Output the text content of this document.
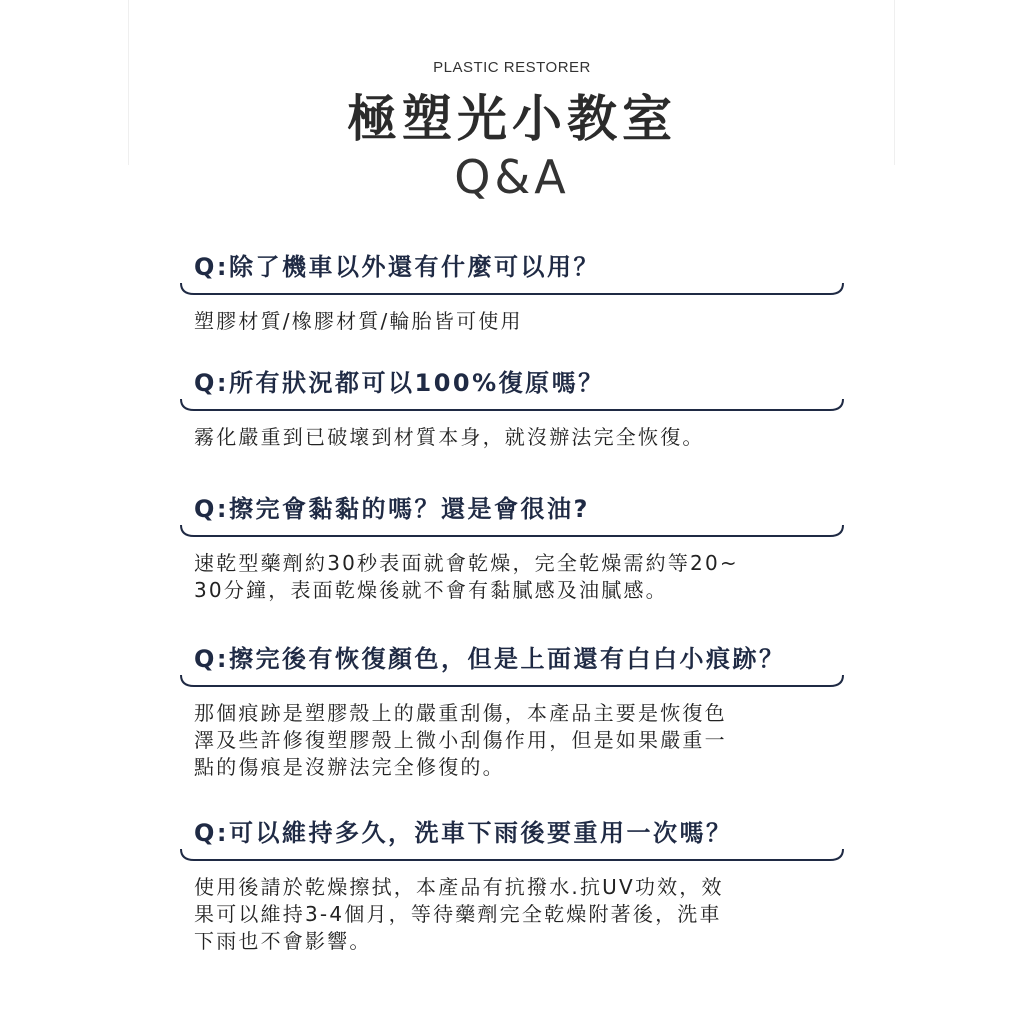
PLASTIC RESTORER
極塑光小教室
Q&A
Q:除了機車以外還有什麼可以用？
塑膠材質/橡膠材質/輪胎皆可使用
Q:所有狀況都可以100%復原嗎？
霧化嚴重到已破壞到材質本身，就沒辦法完全恢復。
Q:擦完會黏黏的嗎？還是會很油?
速乾型藥劑約30秒表面就會乾燥，完全乾燥需約等20~
30分鐘，表面乾燥後就不會有黏膩感及油膩感。
Q:擦完後有恢復顏色，但是上面還有白白小痕跡？
那個痕跡是塑膠殼上的嚴重刮傷，本產品主要是恢復色
澤及些許修復塑膠殼上微小刮傷作用，但是如果嚴重一
點的傷痕是沒辦法完全修復的。
Q:可以維持多久，洗車下雨後要重用一次嗎？
使用後請於乾燥擦拭，本產品有抗撥水.抗UV功效，效
果可以維持3-4個月，等待藥劑完全乾燥附著後，洗車
下雨也不會影響。
